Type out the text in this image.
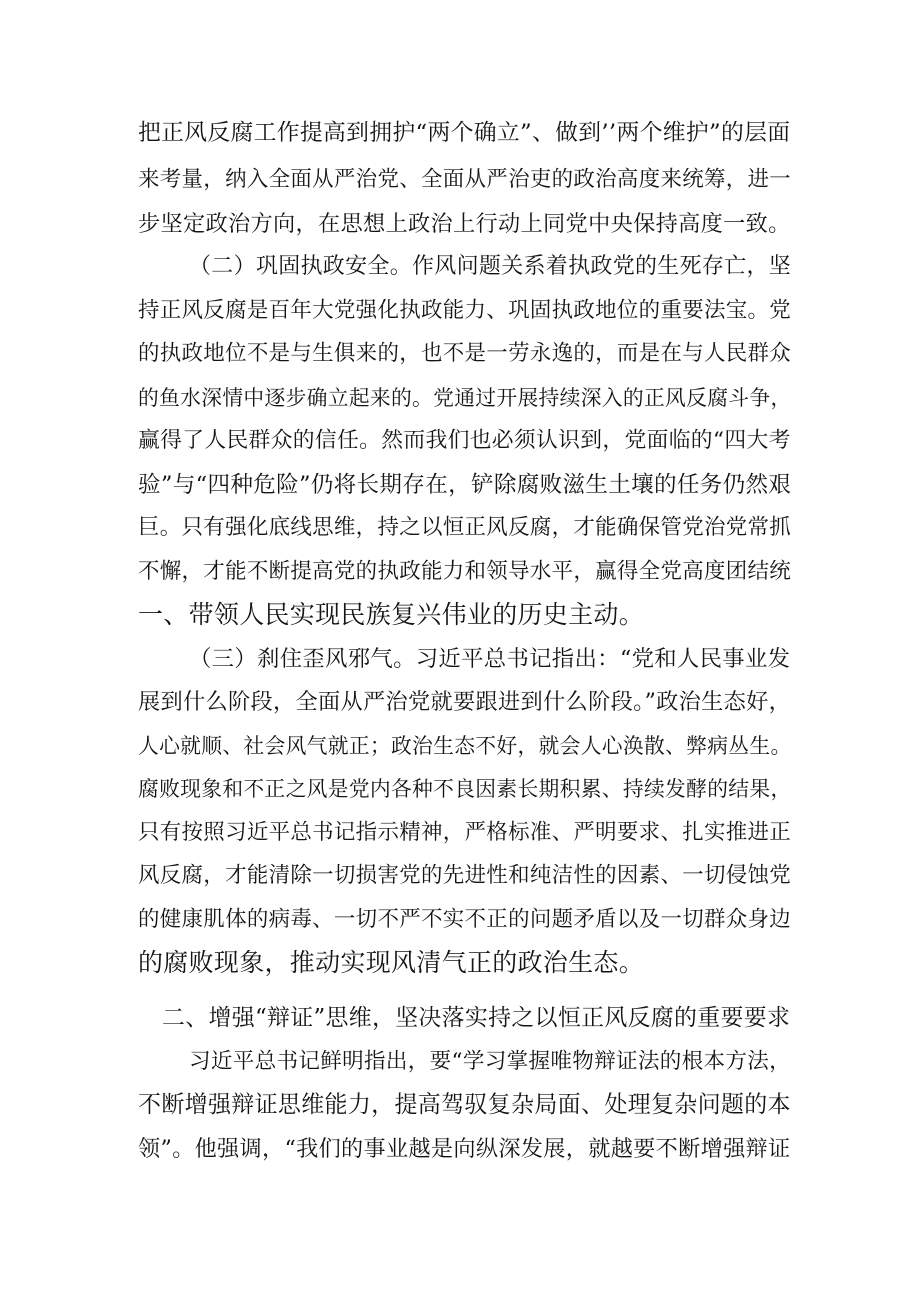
把正风反腐工作提高到拥护“两个确立”、做到’’两个维护”的层面
来考量，纳入全面从严治党、全面从严治吏的政治高度来统筹，进一
步坚定政治方向，在思想上政治上行动上同党中央保持高度一致。
（二）巩固执政安全。作风问题关系着执政党的生死存亡，坚
持正风反腐是百年大党强化执政能力、巩固执政地位的重要法宝。党
的执政地位不是与生俱来的，也不是一劳永逸的，而是在与人民群众
的鱼水深情中逐步确立起来的。党通过开展持续深入的正风反腐斗争，
赢得了人民群众的信任。然而我们也必须认识到，党面临的“四大考
验”与“四种危险”仍将长期存在，铲除腐败滋生土壤的任务仍然艰
巨。只有强化底线思维，持之以恒正风反腐，才能确保管党治党常抓
不懈，才能不断提高党的执政能力和领导水平，赢得全党高度团结统
一、带领人民实现民族复兴伟业的历史主动。
（三）刹住歪风邪气。习近平总书记指出：“党和人民事业发
展到什么阶段，全面从严治党就要跟进到什么阶段。”政治生态好，
人心就顺、社会风气就正；政治生态不好，就会人心涣散、弊病丛生。
腐败现象和不正之风是党内各种不良因素长期积累、持续发酵的结果，
只有按照习近平总书记指示精神，严格标准、严明要求、扎实推进正
风反腐，才能清除一切损害党的先进性和纯洁性的因素、一切侵蚀党
的健康肌体的病毒、一切不严不实不正的问题矛盾以及一切群众身边
的腐败现象，推动实现风清气正的政治生态。
二、增强“辩证”思维，坚决落实持之以恒正风反腐的重要要求
习近平总书记鲜明指出，要“学习掌握唯物辩证法的根本方法，
不断增强辩证思维能力，提高驾驭复杂局面、处理复杂问题的本
领”。他强调，“我们的事业越是向纵深发展，就越要不断增强辩证
